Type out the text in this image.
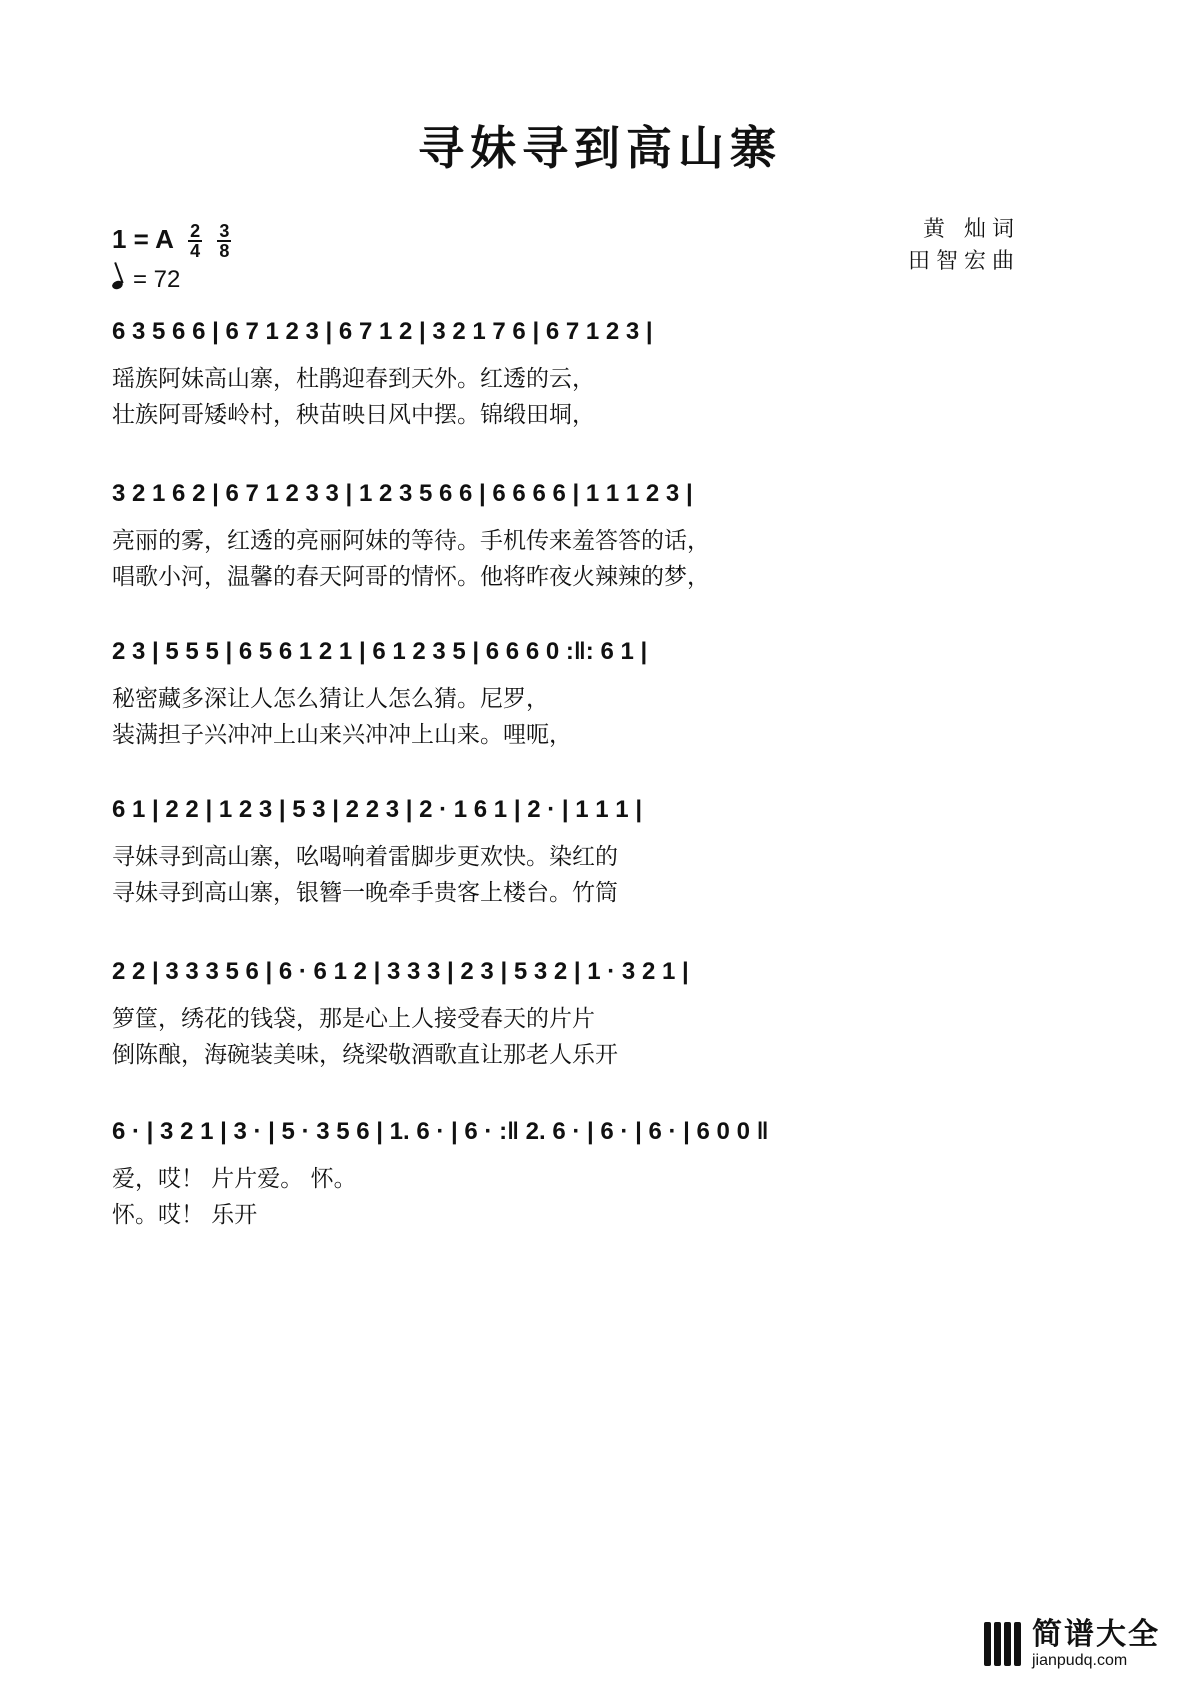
寻妹寻到高山寨
1 = A $\frac{2}{4}$
$\frac{3}{8}$
= 72
黄 灿词
田智宏曲
6 3 5 6 6 | 6 7 1 2 3 | 6 7 1 2 | 3 2 1 7 6 | 6 7 1 2 3 |
瑶族阿妹高山寨，杜鹃迎春到天外。红透的云，
壮族阿哥矮岭村，秧苗映日风中摆。锦缎田垌，
3 2 1 6 2 | 6 7 1 2 3 3 | 1 2 3 5 6 6 | 6 6 6 6 | 1 1 1 2 3 |
亮丽的雾，红透的亮丽阿妹的等待。手机传来羞答答的话，
唱歌小河，温馨的春天阿哥的情怀。他将昨夜火辣辣的梦，
2 3 | 5 5 5 | 6 5 6 1 2 1 | 6 1 2 3 5 | 6 6 6 0 :‖: 6 1 |
秘密藏多深让人怎么猜让人怎么猜。尼罗，
装满担子兴冲冲上山来兴冲冲上山来。哩呃，
6 1 | 2 2 | 1 2 3 | 5 3 | 2 2 3 | 2 · 1 6 1 | 2 · | 1 1 1 |
寻妹寻到高山寨，吆喝响着雷脚步更欢快。染红的
寻妹寻到高山寨，银簪一晚牵手贵客上楼台。竹筒
2 2 | 3 3 3 5 6 | 6 · 6 1 2 | 3 3 3 | 2 3 | 5 3 2 | 1 · 3 2 1 |
箩筐，绣花的钱袋，那是心上人接受春天的片片
倒陈酿，海碗装美味，绕梁敬酒歌直让那老人乐开
6 · | 3 2 1 | 3 · | 5 · 3 5 6 | 1. 6 · | 6 · :‖ 2. 6 · | 6 · | 6 · | 6 0 0 ‖
爱，哎！ 片片爱。 怀。
怀。哎！ 乐开
简谱大全
jianpudq.com
